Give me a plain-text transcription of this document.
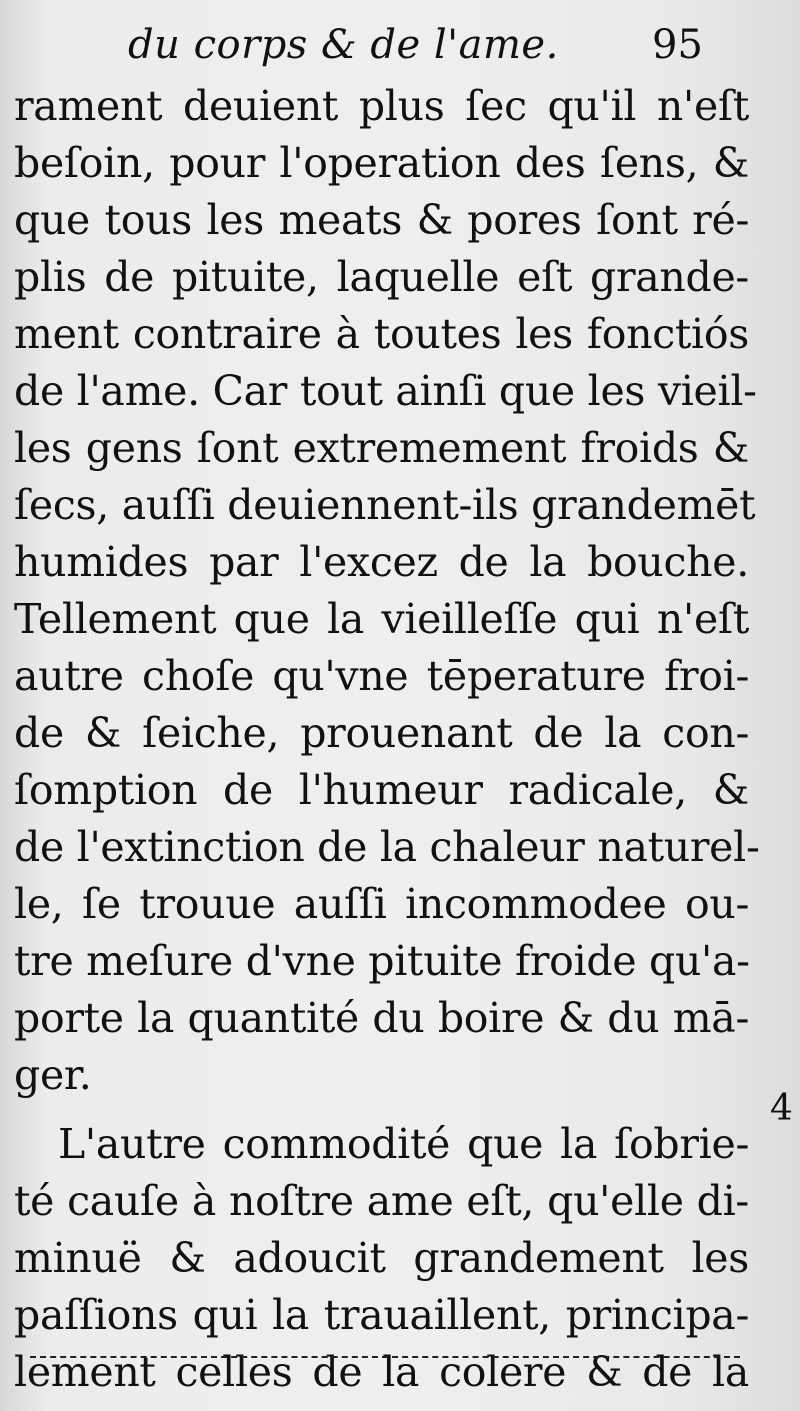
du corps & de l'ame. 95
rament deuient plus ſec qu'il n'eſt
beſoin, pour l'operation des ſens, &
que tous les meats & pores ſont ré-
plis de pituite, laquelle eſt grande-
ment contraire à toutes les fonctiós
de l'ame. Car tout ainſi que les vieil-
les gens ſont extremement froids &
ſecs, auſſi deuiennent-ils grandemēt
humides par l'excez de la bouche.
Tellement que la vieilleſſe qui n'eſt
autre choſe qu'vne tēperature froi-
de & ſeiche, prouenant de la con-
ſomption de l'humeur radicale, &
de l'extinction de la chaleur naturel-
le, ſe trouue auſſi incommodee ou-
tre meſure d'vne pituite froide qu'a-
porte la quantité du boire & du mā-
ger.
L'autre commodité que la ſobrie-
té cauſe à noſtre ame eſt, qu'elle di-
minuë & adoucit grandement les
paſſions qui la trauaillent, principa-
lement celles de la colere & de la
4
